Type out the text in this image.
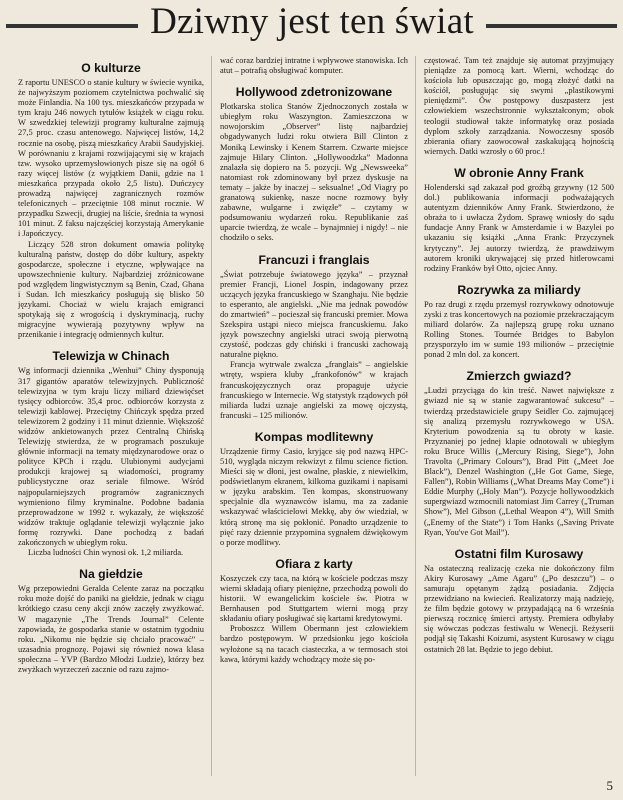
Dziwny jest ten świat
O kulturze

Z raportu UNESCO o stanie kultury w świecie wynika, że najwyższym poziomem czytelnictwa pochwalić się może Finlandia. Na 100 tys. mieszkańców przypada w tym kraju 246 nowych tytułów książek w ciągu roku. W szwedzkiej telewizji programy kulturalne zajmują 27,5 proc. czasu antenowego. Najwięcej listów, 14,2 rocznie na osobę, piszą mieszkańcy Arabii Saudyjskiej. W porównaniu z krajami rozwijającymi się w krajach tzw. wysoko uprzemysłowionych pisze się na ogół 6 razy więcej listów (z wyjątkiem Danii, gdzie na 1 mieszkańca przypada około 2,5 listu). Duńczycy prowadzą najwięcej zagranicznych rozmów telefonicznych – przeciętnie 108 minut rocznie. W przypadku Szwecji, drugiej na liście, średnia ta wynosi 101 minut. Z faksu najczęściej korzystają Amerykanie i Japończycy.

Liczący 528 stron dokument omawia politykę kulturalną państw, dostęp do dóbr kultury, aspekty gospodarcze, społeczne i etyczne, wpływające na upowszechnienie kultury. Najbardziej zróżnicowane pod względem lingwistycznym są Benin, Czad, Ghana i Sudan. Ich mieszkańcy posługują się blisko 50 językami. Chociaż w wielu krajach emigranci spotykają się z wrogością i dyskryminacją, ruchy migracyjne wywierają pozytywny wpływ na przenikanie i integrację odmiennych kultur.

Telewizja w Chinach

Wg informacji dziennika „Wenhui” Chiny dysponują 317 gigantów aparatów telewizyjnych. Publiczność telewizyjna w tym kraju liczy miliard dziewięćset tysięcy odbiorców. 35,4 proc. odbiorców korzysta z telewizji kablowej. Przeciętny Chińczyk spędza przed telewizorem 2 godziny i 11 minut dziennie. Większość widzów ankietowanych przez Centralną Chińską Telewizję stwierdza, że w programach poszukuje głównie informacji na tematy międzynarodowe oraz o polityce KPCh i rządu. Ulubionymi audycjami produkcji krajowej są wiadomości, programy publicystyczne oraz seriale filmowe. Wśród najpopularniejszych programów zagranicznych wymieniono filmy kryminalne. Podobne badania przeprowadzone w 1992 r. wykazały, że większość widzów traktuje oglądanie telewizji wyłącznie jako formę rozrywki. Dane pochodzą z badań zakończonych w ubiegłym roku.

Liczba ludności Chin wynosi ok. 1,2 miliarda.

Na giełdzie

Wg przepowiedni Geralda Celente zaraz na początku roku może dojść do paniki na giełdzie, jednak w ciągu krótkiego czasu ceny akcji znów zaczęły zwyżkować. W magazynie „The Trends Journal” Celente zapowiada, że gospodarka stanie w ostatnim tygodniu roku. „Nikomu nie będzie się chciało pracować” – uzasadnia prognozę. Pojawi się również nowa klasa społeczna – YVP (Bardzo Młodzi Ludzie), którzy bez zwyżkach wyrzeczeń zacznie od razu zajmo-

wać coraz bardziej intratne i wpływowe stanowiska. Ich atut – potrafią obsługiwać komputer.

Hollywood zdetronizowane

Plotkarska stolica Stanów Zjednoczonych została w ubiegłym roku Waszyngton. Zamieszczona w nowojorskim „Observer” listę najbardziej obgadywanych ludzi roku otwiera Bill Clinton z Moniką Lewinsky i Kenem Starrem. Czwarte miejsce zajmuje Hilary Clinton. „Hollywoodzka” Madonna znalazła się dopiero na 5. pozycji. Wg „Newsweeka” natomiast rok zdominowany był przez dyskusje na tematy – jakże by inaczej – seksualne! „Od Viagry po granatową sukienkę, nasze nocne rozmowy były zabawne, wulgarne i zwięzłe” – czytamy w podsumowaniu wydarzeń roku. Republikanie zaś uparcie twierdzą, że wcale – bynajmniej i nigdy! – nie chodziło o seks.

Francuzi i franglais

„Świat potrzebuje światowego języka” – przyznał premier Francji, Lionel Jospin, indagowany przez uczących języka francuskiego w Szanghaju. Nie będzie to esperanto, ale angielski. „Nie ma jednak powodów do zmartwień” – pocieszał się francuski premier. Mowa Szekspira ustąpi nieco miejsca francuskiemu. Jako język powszechny angielski utraci swoją pierwotną czystość, podczas gdy chiński i francuski zachowają naturalne piękno.

Francja wytrwale zwalcza „franglais” – angielskie wtręty, wspiera kluby „frankofonów” w krajach francuskojęzycznych oraz propaguje użycie francuskiego w Internecie. Wg statystyk rządowych pół miliarda ludzi uznaje angielski za mowę ojczystą, francuski – 125 milionów.

Kompas modlitewny

Urządzenie firmy Casio, kryjące się pod nazwą HPC-510, wygląda niczym rekwizyt z filmu science fiction. Mieści się w dłoni, jest owalne, płaskie, z niewielkim, podświetlanym ekranem, kilkoma guzikami i napisami w języku arabskim. Ten kompas, skonstruowany specjalnie dla wyznawców islamu, ma za zadanie wskazywać właścicielowi Mekkę, aby ów wiedział, w którą stronę ma się pokłonić. Ponadto urządzenie to pięć razy dziennie przypomina sygnałem dźwiękowym o porze modlitwy.

Ofiara z karty

Koszyczek czy taca, na którą w kościele podczas mszy wierni składają ofiary pieniężne, przechodzą powoli do historii. W ewangelickim kościele św. Piotra w Bernhausen pod Stuttgartem wierni mogą przy składaniu ofiary posługiwać się kartami kredytowymi.

Proboszcz Willem Obermann jest człowiekiem bardzo postępowym. W przedsionku jego kościoła wyłożone są na tacach ciasteczka, a w termosach stoi kawa, którymi każdy wchodzący może się po-

częstować. Tam też znajduje się automat przyjmujący pieniądze za pomocą kart. Wierni, wchodząc do kościoła lub opuszczając go, mogą złożyć datki na kościół, posługując się swymi „plastikowymi pieniędzmi”. Ów postępowy duszpasterz jest człowiekiem wszechstronnie wykształconym; obok teologii studiował także informatykę oraz posiada dyplom szkoły zarządzania. Nowoczesny sposób zbierania ofiary zaowocował zaskakującą hojnością wiernych. Datki wzrosły o 60 proc.!

W obronie Anny Frank

Holenderski sąd zakazał pod groźbą grzywny (12 500 dol.) publikowania informacji podważających autentyzm dzienników Anny Frank. Stwierdzono, że obraża to i uwłacza Żydom. Sprawę wniosły do sądu fundacje Anny Frank w Amsterdamie i w Bazylei po ukazaniu się książki „Anna Frank: Przyczynek krytyczny”. Jej autorzy twierdzą, że prawdziwym autorem kroniki ukrywającej się przed hitlerowcami rodziny Franków był Otto, ojciec Anny.

Rozrywka za miliardy

Po raz drugi z rzędu przemysł rozrywkowy odnotowuje zyski z tras koncertowych na poziomie przekraczającym miliard dolarów. Za najlepszą grupę roku uznano Rolling Stones. Tournée Bridges to Babylon przysporzyło im w sumie 193 milionów – przeciętnie ponad 2 mln dol. za koncert.

Zmierzch gwiazd?

„Ludzi przyciąga do kin treść. Nawet największe z gwiazd nie są w stanie zagwarantować sukcesu” – twierdzą przedstawiciele grupy Seidler Co. zajmującej się analizą przemysłu rozrywkowego w USA. Kryterium powodzenia są tu obroty w kasie. Przyznaniej po jednej klapie odnotowali w ubiegłym roku Bruce Willis („Mercury Rising, Siege”), John Travolta („Primary Colours”), Brad Pitt („Meet Joe Black”), Denzel Washington („He Got Game, Siege, Fallen”), Robin Williams („What Dreams May Come”) i Eddie Murphy („Holy Man”). Pozycje hollywoodzkich supergwiazd wzmocnili natomiast Jim Carrey („Truman Show”), Mel Gibson („Lethal Weapon 4”), Will Smith („Enemy of the State”) i Tom Hanks („Saving Private Ryan, You've Got Mail”).

Ostatni film Kurosawy

Na ostateczną realizację czeka nie dokończony film Akiry Kurosawy „Ame Agaru” („Po deszczu”) – o samuraju opętanym żądzą posiadania. Zdjęcia przewidziano na kwiecień. Realizatorzy mają nadzieję, że film będzie gotowy w przypadającą na 6 września pierwszą rocznicę śmierci artysty. Premiera odbyłaby się wówczas podczas festiwalu w Wenecji. Reżyserii podjął się Takashi Koizumi, asystent Kurosawy w ciągu ostatnich 28 lat. Będzie to jego debiut.

5
